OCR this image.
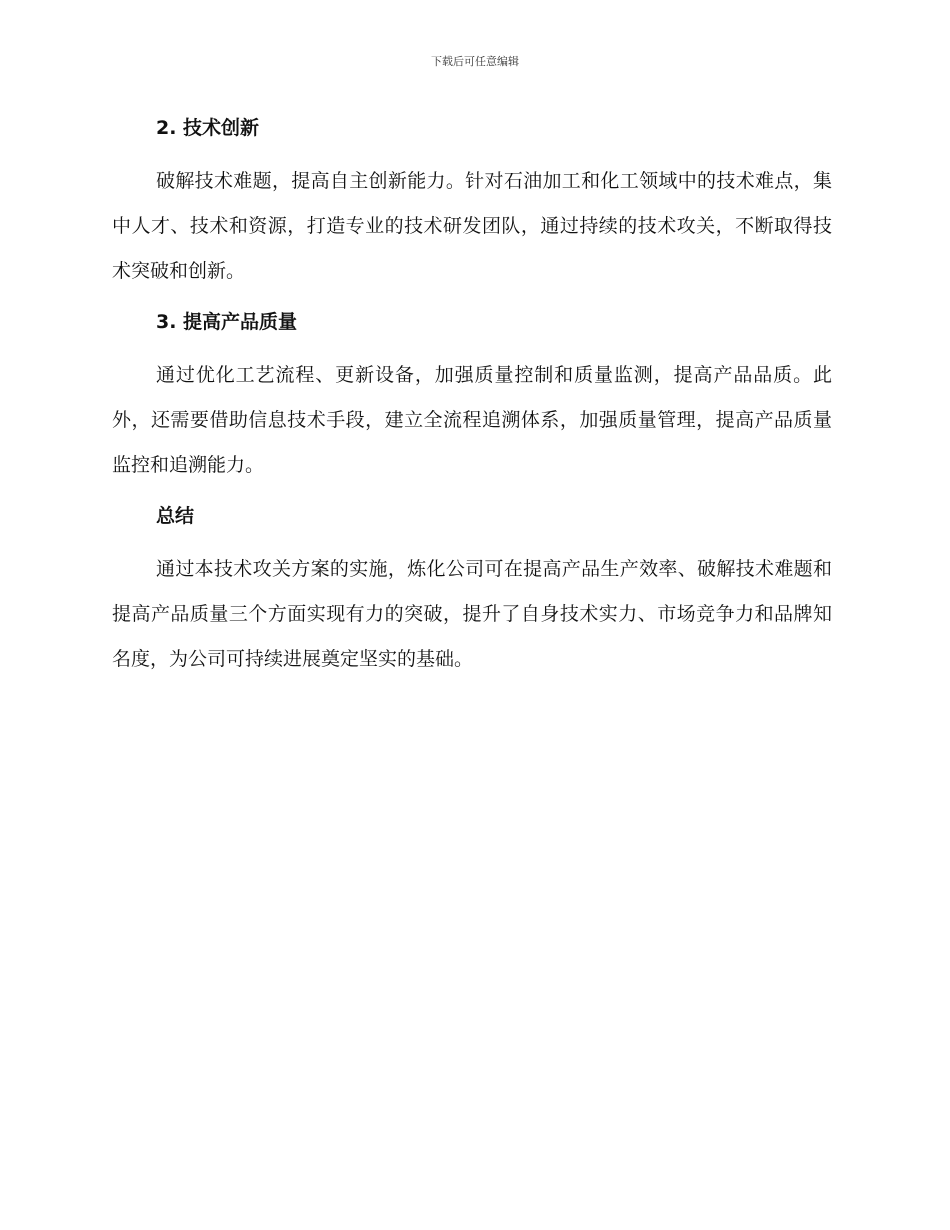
下载后可任意编辑
2. 技术创新

破解技术难题，提高自主创新能力。针对石油加工和化工领域中的技术难点，集中人才、技术和资源，打造专业的技术研发团队，通过持续的技术攻关，不断取得技术突破和创新。

3. 提高产品质量

通过优化工艺流程、更新设备，加强质量控制和质量监测，提高产品品质。此外，还需要借助信息技术手段，建立全流程追溯体系，加强质量管理，提高产品质量监控和追溯能力。

总结

通过本技术攻关方案的实施，炼化公司可在提高产品生产效率、破解技术难题和提高产品质量三个方面实现有力的突破，提升了自身技术实力、市场竞争力和品牌知名度，为公司可持续进展奠定坚实的基础。
